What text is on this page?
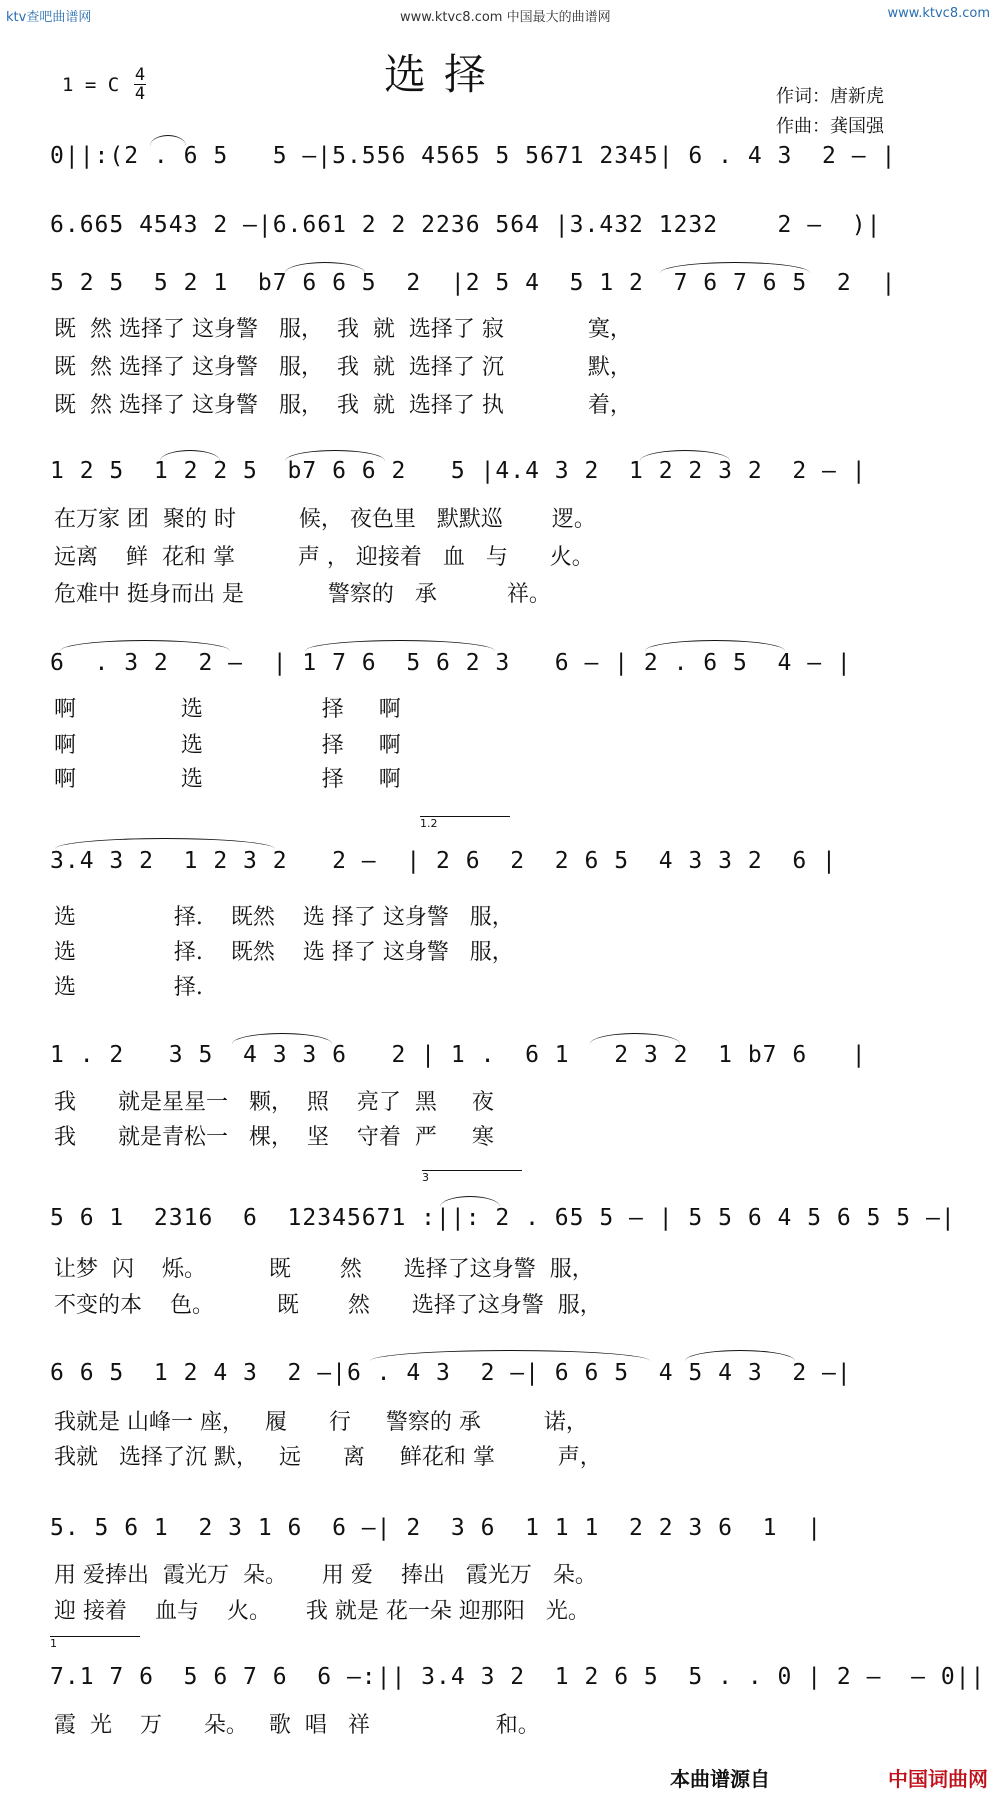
ktv查吧曲谱网	www.ktvc8.com 中国最大的曲谱网	www.ktvc8.com
1 = C 4
4	选择	作词：唐新虎
作曲：龚国强
0||:(2 . 6 5   5 —|5.556 4565 5 5671 2345| 6 . 4 3  2 — |
6.665 4543 2 —|6.661 2 2 2236 564 |3.432 1232    2 —  )|
5 2 5  5 2 1  b7 6 6 5  2  |2 5 4  5 1 2  7 6 7 6 5  2  |
既  然 选择了 这身警   服，  我  就  选择了 寂            寞，
既  然 选择了 这身警   服，  我  就  选择了 沉            默，
既  然 选择了 这身警   服，  我  就  选择了 执            着，
1 2 5  1 2 2 5  b7 6 6 2   5 |4.4 3 2  1 2 2 3 2  2 — |
在万家 团  聚的 时         候， 夜色里   默默巡       逻。
远离    鲜  花和 掌         声 ， 迎接着   血   与      火。
危难中 挺身而出 是            警察的   承          祥。
6  . 3 2  2 —  | 1 7 6  5 6 2 3   6 — | 2 . 6 5  4 — |
啊               选                 择     啊
啊               选                 择     啊
啊               选                 择     啊
1.2
3.4 3 2  1 2 3 2   2 —  | 2 6  2  2 6 5  4 3 3 2  6 |
选              择.    既然    选 择了 这身警   服，
选              择.    既然    选 择了 这身警   服，
选              择.
1 . 2   3 5  4 3 3 6   2 | 1 .  6 1   2 3 2  1 b7 6   |
我      就是星星一   颗，  照    亮了  黑     夜
我      就是青松一   棵，  坚    守着  严     寒
3
5 6 1  2316  6  12345671 :||: 2 . 65 5 — | 5 5 6 4 5 6 5 5 —|
让梦  闪    烁。         既       然      选择了这身警  服，
不变的本    色。         既       然      选择了这身警  服，
6 6 5  1 2 4 3  2 —|6 . 4 3  2 —| 6 6 5  4 5 4 3  2 —|
我就是 山峰一 座，   履      行     警察的 承         诺，
我就   选择了沉 默，   远      离     鲜花和 掌         声，
5. 5 6 1  2 3 1 6  6 —| 2  3 6  1 1 1  2 2 3 6  1  |
用 爱捧出  霞光万  朵。     用 爱    捧出   霞光万   朵。
迎 接着    血与    火。     我 就是 花一朵 迎那阳   光。
1
7.1 7 6  5 6 7 6  6 —:|| 3.4 3 2  1 2 6 5  5 . . 0 | 2 —  — 0||
霞  光    万      朵。   歌  唱   祥                  和。
本曲谱源自	中国词曲网
